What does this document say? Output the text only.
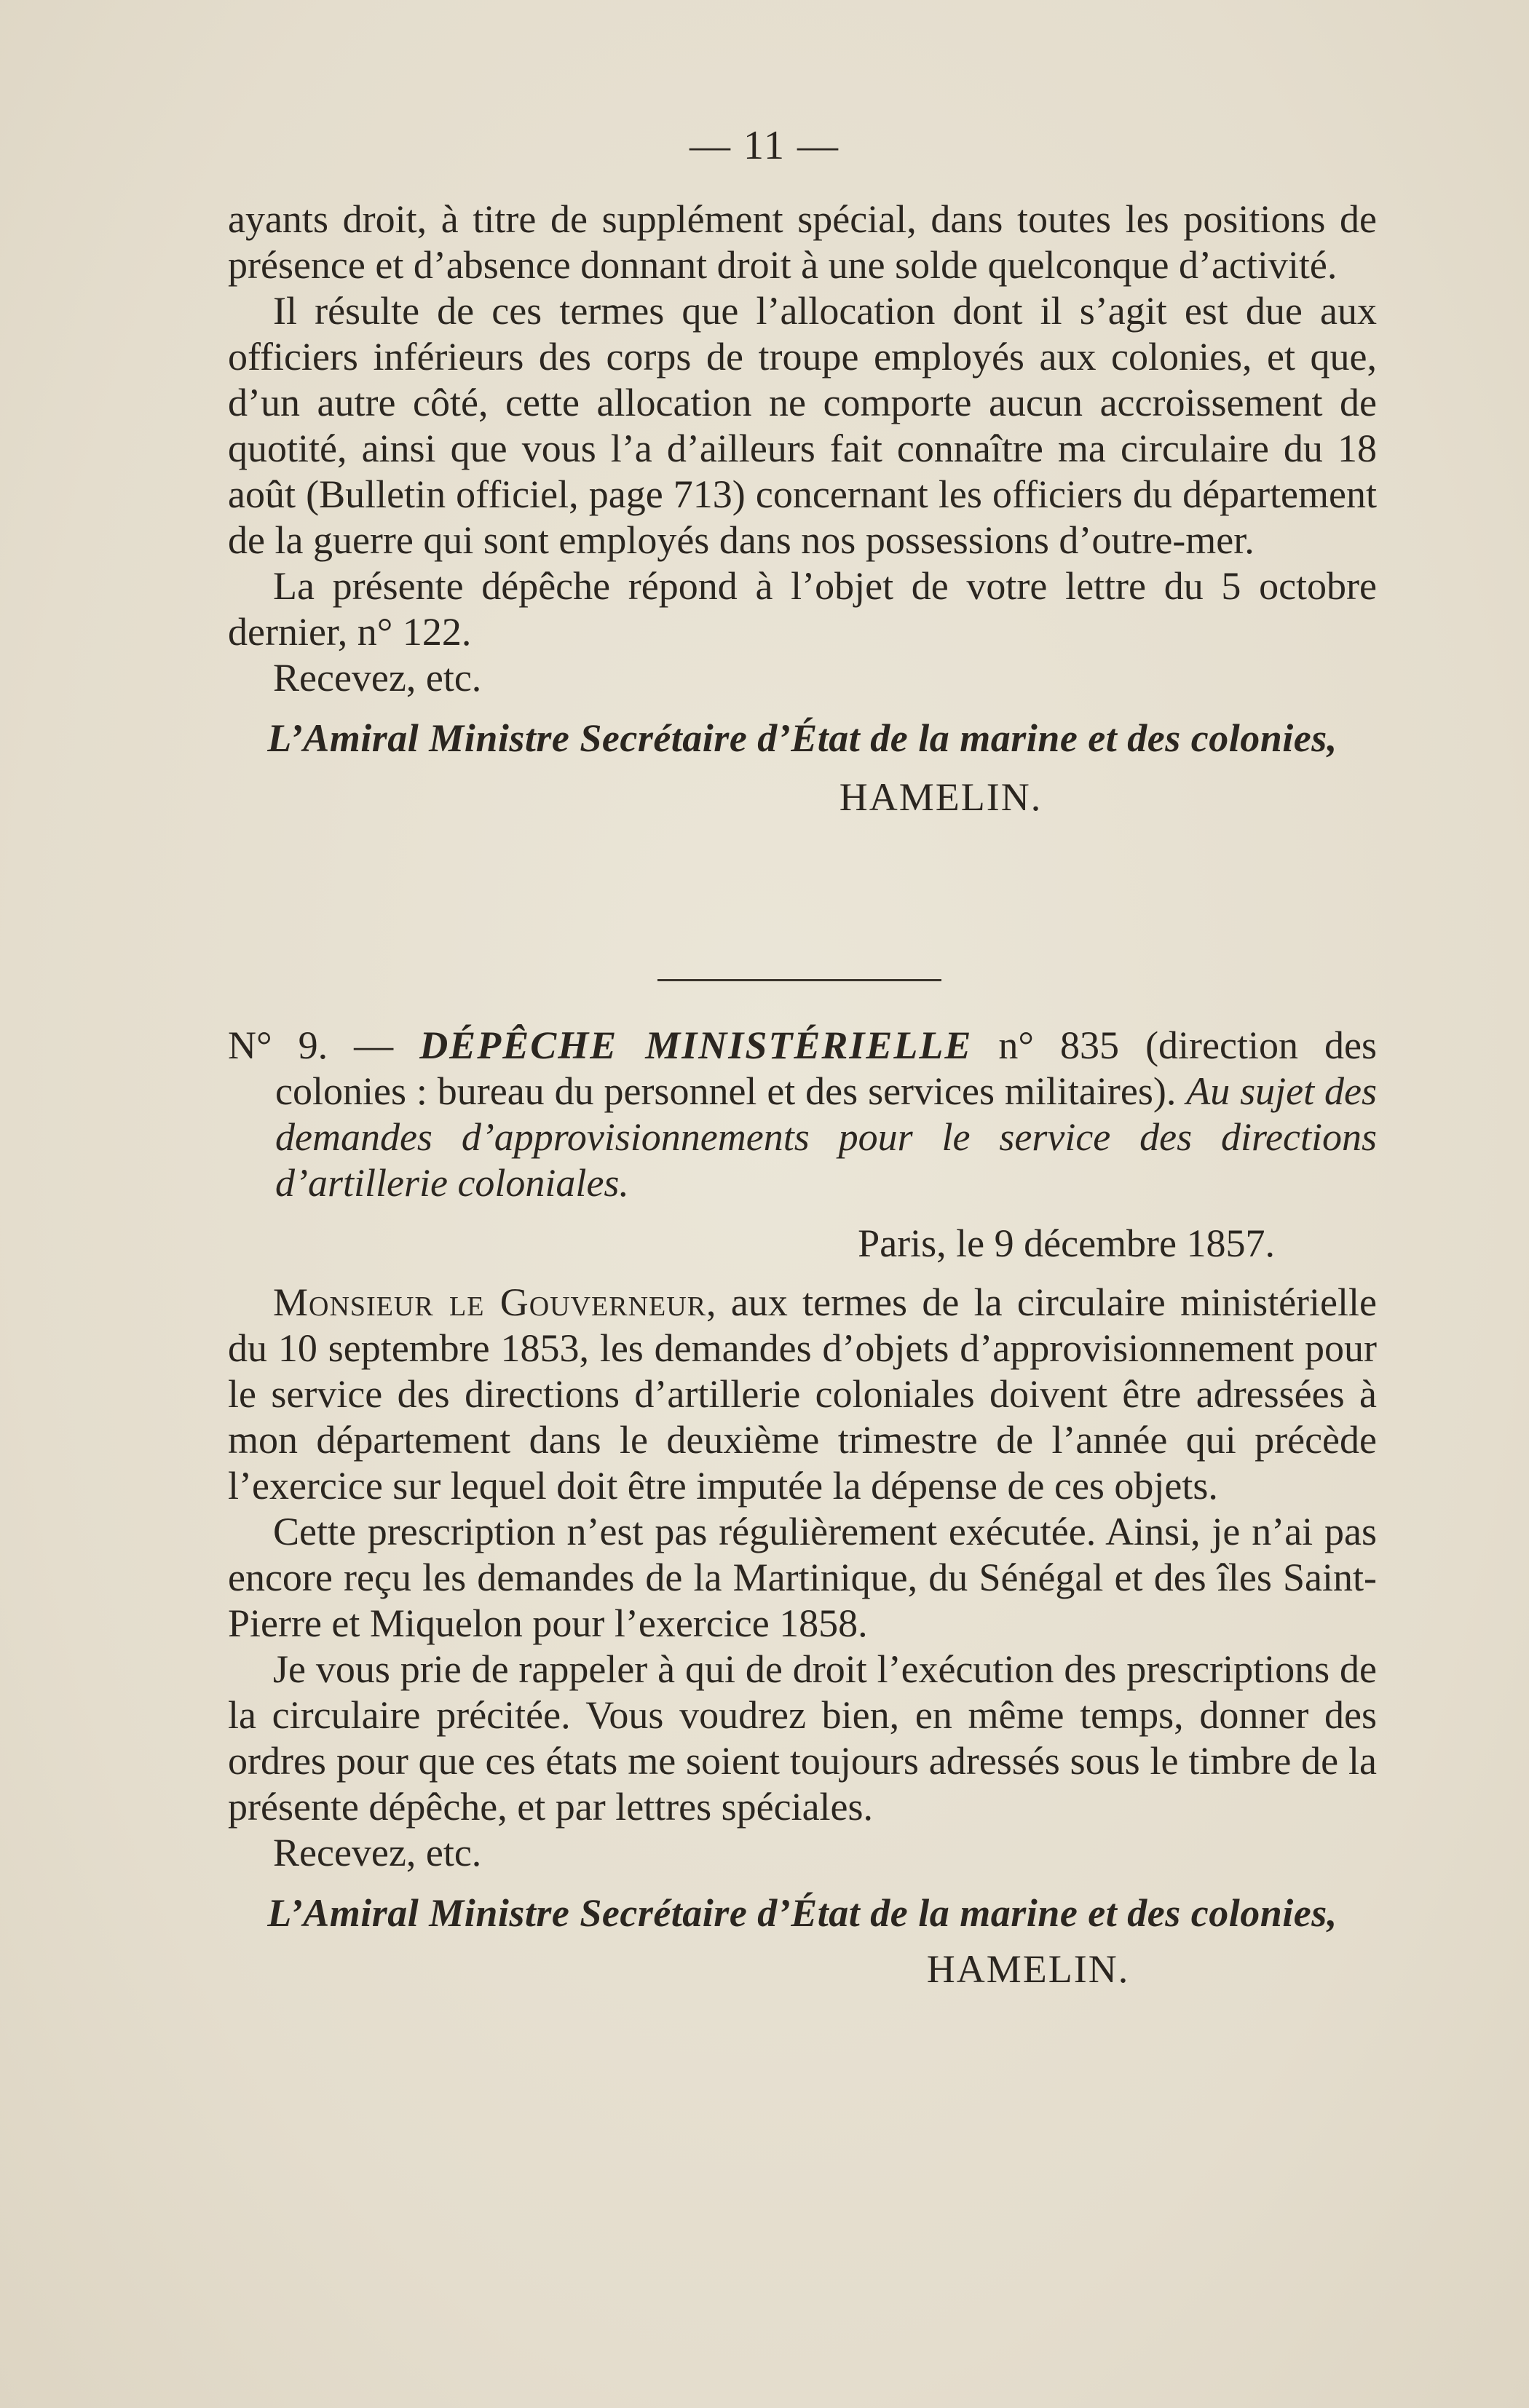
— 11 —

ayants droit, à titre de supplément spécial, dans toutes les positions de présence et d’absence donnant droit à une solde quelconque d’activité.

Il résulte de ces termes que l’allocation dont il s’agit est due aux officiers inférieurs des corps de troupe employés aux colonies, et que, d’un autre côté, cette allocation ne comporte aucun accroissement de quotité, ainsi que vous l’a d’ailleurs fait connaître ma circulaire du 18 août (Bulletin officiel, page 713) concernant les officiers du département de la guerre qui sont employés dans nos possessions d’outre-mer.

La présente dépêche répond à l’objet de votre lettre du 5 octobre dernier, n° 122.

Recevez, etc.

L’Amiral Ministre Secrétaire d’État de la marine et des colonies,

HAMELIN.

N° 9. — DÉPÊCHE MINISTÉRIELLE n° 835 (direction des colonies : bureau du personnel et des services militaires). Au sujet des demandes d’approvisionnements pour le service des directions d’artillerie coloniales.

Paris, le 9 décembre 1857.

Monsieur le Gouverneur, aux termes de la circulaire ministérielle du 10 septembre 1853, les demandes d’objets d’approvisionnement pour le service des directions d’artillerie coloniales doivent être adressées à mon département dans le deuxième trimestre de l’année qui précède l’exercice sur lequel doit être imputée la dépense de ces objets.

Cette prescription n’est pas régulièrement exécutée. Ainsi, je n’ai pas encore reçu les demandes de la Martinique, du Sénégal et des îles Saint-Pierre et Miquelon pour l’exercice 1858.

Je vous prie de rappeler à qui de droit l’exécution des prescriptions de la circulaire précitée. Vous voudrez bien, en même temps, donner des ordres pour que ces états me soient toujours adressés sous le timbre de la présente dépêche, et par lettres spéciales.

Recevez, etc.

L’Amiral Ministre Secrétaire d’État de la marine et des colonies,

HAMELIN.
